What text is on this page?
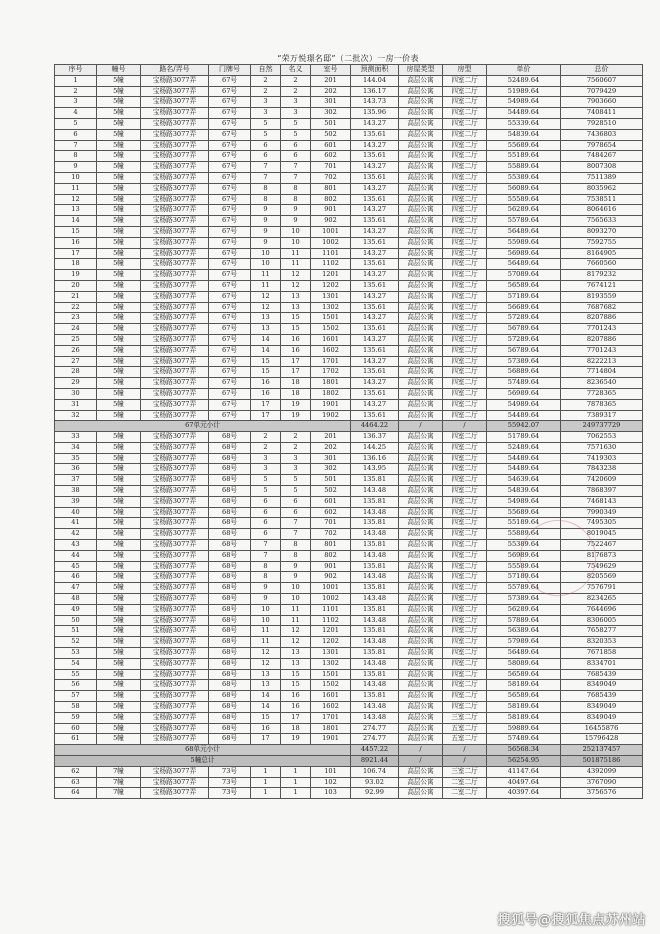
“荣万悦璟名邸”（二批次）一房一价表
序号	幢号	路名/弄号	门牌号	自然	名义	室号	预测面积	房屋类型	房型	单价	总价
1	5幢	宝杨路3077弄	67号	2	2	201	144.04	高层公寓	四室二厅	52489.64	7560607
2	5幢	宝杨路3077弄	67号	2	2	202	136.17	高层公寓	四室二厅	51989.64	7079429
3	5幢	宝杨路3077弄	67号	3	3	301	143.73	高层公寓	四室二厅	54989.64	7903660
4	5幢	宝杨路3077弄	67号	3	3	302	135.96	高层公寓	四室二厅	54489.64	7408411
5	5幢	宝杨路3077弄	67号	5	5	501	143.27	高层公寓	四室二厅	55339.64	7928510
6	5幢	宝杨路3077弄	67号	5	5	502	135.61	高层公寓	四室二厅	54839.64	7436803
7	5幢	宝杨路3077弄	67号	6	6	601	143.27	高层公寓	四室二厅	55689.64	7978654
8	5幢	宝杨路3077弄	67号	6	6	602	135.61	高层公寓	四室二厅	55189.64	7484267
9	5幢	宝杨路3077弄	67号	7	7	701	143.27	高层公寓	四室二厅	55889.64	8007308
10	5幢	宝杨路3077弄	67号	7	7	702	135.61	高层公寓	四室二厅	55389.64	7511389
11	5幢	宝杨路3077弄	67号	8	8	801	143.27	高层公寓	四室二厅	56089.64	8035962
12	5幢	宝杨路3077弄	67号	8	8	802	135.61	高层公寓	四室二厅	55589.64	7538511
13	5幢	宝杨路3077弄	67号	9	9	901	143.27	高层公寓	四室二厅	56289.64	8064616
14	5幢	宝杨路3077弄	67号	9	9	902	135.61	高层公寓	四室二厅	55789.64	7565633
15	5幢	宝杨路3077弄	67号	9	10	1001	143.27	高层公寓	四室二厅	56489.64	8093270
16	5幢	宝杨路3077弄	67号	9	10	1002	135.61	高层公寓	四室二厅	55989.64	7592755
17	5幢	宝杨路3077弄	67号	10	11	1101	143.27	高层公寓	四室二厅	56989.64	8164905
18	5幢	宝杨路3077弄	67号	10	11	1102	135.61	高层公寓	四室二厅	56489.64	7660560
19	5幢	宝杨路3077弄	67号	11	12	1201	143.27	高层公寓	四室二厅	57089.64	8179232
20	5幢	宝杨路3077弄	67号	11	12	1202	135.61	高层公寓	四室二厅	56589.64	7674121
21	5幢	宝杨路3077弄	67号	12	13	1301	143.27	高层公寓	四室二厅	57189.64	8193559
22	5幢	宝杨路3077弄	67号	12	13	1302	135.61	高层公寓	四室二厅	56689.64	7687682
23	5幢	宝杨路3077弄	67号	13	15	1501	143.27	高层公寓	四室二厅	57289.64	8207886
24	5幢	宝杨路3077弄	67号	13	15	1502	135.61	高层公寓	四室二厅	56789.64	7701243
25	5幢	宝杨路3077弄	67号	14	16	1601	143.27	高层公寓	四室二厅	57289.64	8207886
26	5幢	宝杨路3077弄	67号	14	16	1602	135.61	高层公寓	四室二厅	56789.64	7701243
27	5幢	宝杨路3077弄	67号	15	17	1701	143.27	高层公寓	四室二厅	57389.64	8222213
28	5幢	宝杨路3077弄	67号	15	17	1702	135.61	高层公寓	四室二厅	56889.64	7714804
29	5幢	宝杨路3077弄	67号	16	18	1801	143.27	高层公寓	四室二厅	57489.64	8236540
30	5幢	宝杨路3077弄	67号	16	18	1802	135.61	高层公寓	四室二厅	56989.64	7728365
31	5幢	宝杨路3077弄	67号	17	19	1901	143.27	高层公寓	四室二厅	54989.64	7878365
32	5幢	宝杨路3077弄	67号	17	19	1902	135.61	高层公寓	四室二厅	54489.64	7389317
67单元小计							4464.22	/	/	55942.07	249737729
33	5幢	宝杨路3077弄	68号	2	2	201	136.37	高层公寓	四室二厅	51789.64	7062553
34	5幢	宝杨路3077弄	68号	2	2	202	144.25	高层公寓	四室二厅	52489.64	7571630
35	5幢	宝杨路3077弄	68号	3	3	301	136.16	高层公寓	四室二厅	54489.64	7419303
36	5幢	宝杨路3077弄	68号	3	3	302	143.95	高层公寓	四室二厅	54489.64	7843238
37	5幢	宝杨路3077弄	68号	5	5	501	135.81	高层公寓	四室二厅	54639.64	7420609
38	5幢	宝杨路3077弄	68号	5	5	502	143.48	高层公寓	四室二厅	54839.64	7868397
39	5幢	宝杨路3077弄	68号	6	6	601	135.81	高层公寓	四室二厅	54989.64	7468143
40	5幢	宝杨路3077弄	68号	6	6	602	143.48	高层公寓	四室二厅	55689.64	7990349
41	5幢	宝杨路3077弄	68号	6	7	701	135.81	高层公寓	四室二厅	55189.64	7495305
42	5幢	宝杨路3077弄	68号	6	7	702	143.48	高层公寓	四室二厅	55889.64	8019045
43	5幢	宝杨路3077弄	68号	7	8	801	135.81	高层公寓	四室二厅	55389.64	7522467
44	5幢	宝杨路3077弄	68号	7	8	802	143.48	高层公寓	四室二厅	56989.64	8176873
45	5幢	宝杨路3077弄	68号	8	9	901	135.81	高层公寓	四室二厅	55589.64	7549629
46	5幢	宝杨路3077弄	68号	8	9	902	143.48	高层公寓	四室二厅	57189.64	8205569
47	5幢	宝杨路3077弄	68号	9	10	1001	135.81	高层公寓	四室二厅	55789.64	7576791
48	5幢	宝杨路3077弄	68号	9	10	1002	143.48	高层公寓	四室二厅	57389.64	8234265
49	5幢	宝杨路3077弄	68号	10	11	1101	135.81	高层公寓	四室二厅	56289.64	7644696
50	5幢	宝杨路3077弄	68号	10	11	1102	143.48	高层公寓	四室二厅	57889.64	8306005
51	5幢	宝杨路3077弄	68号	11	12	1201	135.81	高层公寓	四室二厅	56389.64	7658277
52	5幢	宝杨路3077弄	68号	11	12	1202	143.48	高层公寓	四室二厅	57989.64	8320353
53	5幢	宝杨路3077弄	68号	12	13	1301	135.81	高层公寓	四室二厅	56489.64	7671858
54	5幢	宝杨路3077弄	68号	12	13	1302	143.48	高层公寓	四室二厅	58089.64	8334701
55	5幢	宝杨路3077弄	68号	13	15	1501	135.81	高层公寓	四室二厅	56589.64	7685439
56	5幢	宝杨路3077弄	68号	13	15	1502	143.48	高层公寓	四室二厅	58189.64	8349049
57	5幢	宝杨路3077弄	68号	14	16	1601	135.81	高层公寓	四室二厅	56589.64	7685439
58	5幢	宝杨路3077弄	68号	14	16	1602	143.48	高层公寓	四室二厅	58189.64	8349049
59	5幢	宝杨路3077弄	68号	15	17	1701	143.48	高层公寓	三室二厅	58189.64	8349049
60	5幢	宝杨路3077弄	68号	16	18	1801	274.77	高层公寓	五室二厅	59889.64	16455876
61	5幢	宝杨路3077弄	68号	17	19	1901	274.77	高层公寓	五室二厅	57489.64	15796428
68单元小计							4457.22	/	/	56568.34	252137457
5幢总计							8921.44	/	/	56254.95	501875186
62	7幢	宝杨路3077弄	73号	1	1	101	106.74	高层公寓	三室二厅	41147.64	4392099
63	7幢	宝杨路3077弄	73号	1	1	102	93.02	高层公寓	二室二厅	40497.64	3767090
64	7幢	宝杨路3077弄	73号	1	1	103	92.99	高层公寓	二室二厅	40397.64	3756576
搜狐号@搜狐焦点苏州站
